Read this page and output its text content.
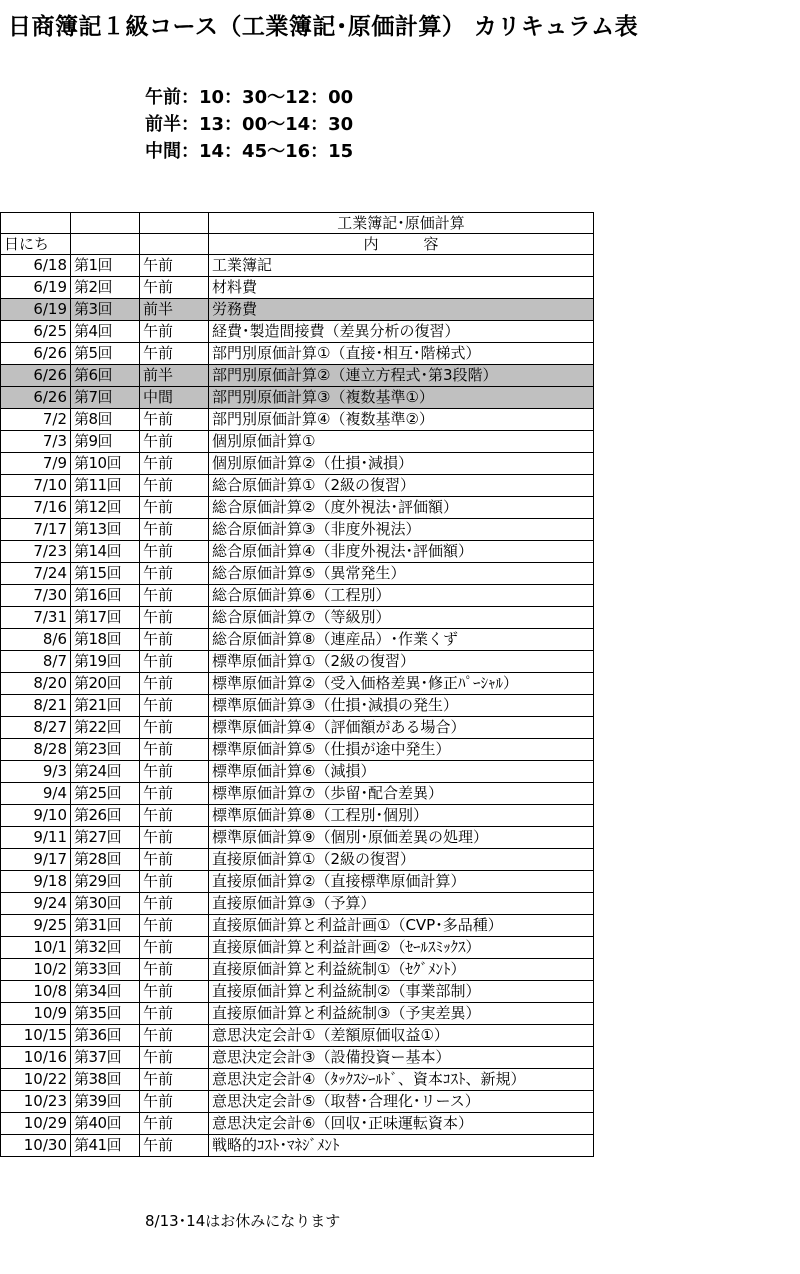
日商簿記１級コース（工業簿記･原価計算） カリキュラム表
午前：10：30〜12：00
前半：13：00〜14：30
中間：14：45〜16：15
			工業簿記･原価計算
日にち			内　　　容
6/18	第1回	午前	工業簿記
6/19	第2回	午前	材料費
6/19	第3回	前半	労務費
6/25	第4回	午前	経費･製造間接費（差異分析の復習）
6/26	第5回	午前	部門別原価計算①（直接･相互･階梯式）
6/26	第6回	前半	部門別原価計算②（連立方程式･第3段階）
6/26	第7回	中間	部門別原価計算③（複数基準①）
7/2	第8回	午前	部門別原価計算④（複数基準②）
7/3	第9回	午前	個別原価計算①
7/9	第10回	午前	個別原価計算②（仕損･減損）
7/10	第11回	午前	総合原価計算①（2級の復習）
7/16	第12回	午前	総合原価計算②（度外視法･評価額）
7/17	第13回	午前	総合原価計算③（非度外視法）
7/23	第14回	午前	総合原価計算④（非度外視法･評価額）
7/24	第15回	午前	総合原価計算⑤（異常発生）
7/30	第16回	午前	総合原価計算⑥（工程別）
7/31	第17回	午前	総合原価計算⑦（等級別）
8/6	第18回	午前	総合原価計算⑧（連産品）･作業くず
8/7	第19回	午前	標準原価計算①（2級の復習）
8/20	第20回	午前	標準原価計算②（受入価格差異･修正ﾊﾟｰｼｬﾙ）
8/21	第21回	午前	標準原価計算③（仕損･減損の発生）
8/27	第22回	午前	標準原価計算④（評価額がある場合）
8/28	第23回	午前	標準原価計算⑤（仕損が途中発生）
9/3	第24回	午前	標準原価計算⑥（減損）
9/4	第25回	午前	標準原価計算⑦（歩留･配合差異）
9/10	第26回	午前	標準原価計算⑧（工程別･個別）
9/11	第27回	午前	標準原価計算⑨（個別･原価差異の処理）
9/17	第28回	午前	直接原価計算①（2級の復習）
9/18	第29回	午前	直接原価計算②（直接標準原価計算）
9/24	第30回	午前	直接原価計算③（予算）
9/25	第31回	午前	直接原価計算と利益計画①（CVP･多品種）
10/1	第32回	午前	直接原価計算と利益計画②（ｾｰﾙｽﾐｯｸｽ）
10/2	第33回	午前	直接原価計算と利益統制①（ｾｸﾞﾒﾝﾄ）
10/8	第34回	午前	直接原価計算と利益統制②（事業部制）
10/9	第35回	午前	直接原価計算と利益統制③（予実差異）
10/15	第36回	午前	意思決定会計①（差額原価収益①）
10/16	第37回	午前	意思決定会計③（設備投資ー基本）
10/22	第38回	午前	意思決定会計④（ﾀｯｸｽｼｰﾙﾄﾞ、資本ｺｽﾄ、新規）
10/23	第39回	午前	意思決定会計⑤（取替･合理化･リース）
10/29	第40回	午前	意思決定会計⑥（回収･正味運転資本）
10/30	第41回	午前	戦略的ｺｽﾄ･ﾏﾈｼﾞﾒﾝﾄ
8/13･14はお休みになります
